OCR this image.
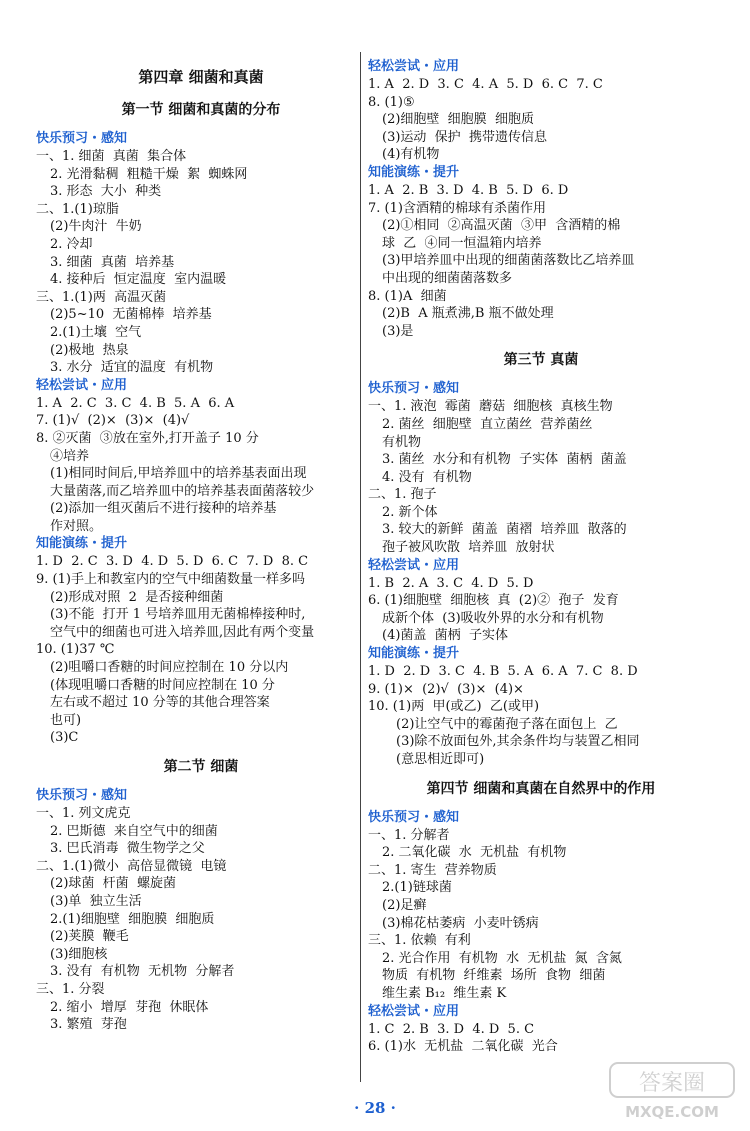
第四章 细菌和真菌
第一节 细菌和真菌的分布
快乐预习・感知
一、1. 细菌  真菌  集合体
2. 光滑黏稠  粗糙干燥  絮  蜘蛛网
3. 形态  大小  种类
二、1.(1)琼脂
(2)牛肉汁  牛奶
2. 冷却
3. 细菌  真菌  培养基
4. 接种后  恒定温度  室内温暖
三、1.(1)两  高温灭菌
(2)5~10  无菌棉棒  培养基
2.(1)土壤  空气
(2)极地  热泉
3. 水分  适宜的温度  有机物
轻松尝试・应用
1. A  2. C  3. C  4. B  5. A  6. A
7. (1)√  (2)×  (3)×  (4)√
8. ②灭菌  ③放在室外,打开盖子 10 分
④培养
(1)相同时间后,甲培养皿中的培养基表面出现
大量菌落,而乙培养皿中的培养基表面菌落较少
(2)添加一组灭菌后不进行接种的培养基
作对照。
知能演练・提升
1. D  2. C  3. D  4. D  5. D  6. C  7. D  8. C
9. (1)手上和教室内的空气中细菌数量一样多吗
(2)形成对照  2  是否接种细菌
(3)不能  打开 1 号培养皿用无菌棉棒接种时,
空气中的细菌也可进入培养皿,因此有两个变量
10. (1)37 ℃
(2)咀嚼口香糖的时间应控制在 10 分以内
(体现咀嚼口香糖的时间应控制在 10 分
左右或不超过 10 分等的其他合理答案
也可)
(3)C
第二节 细菌
快乐预习・感知
一、1. 列文虎克
2. 巴斯德  来自空气中的细菌
3. 巴氏消毒  微生物学之父
二、1.(1)微小  高倍显微镜  电镜
(2)球菌  杆菌  螺旋菌
(3)单  独立生活
2.(1)细胞壁  细胞膜  细胞质
(2)荚膜  鞭毛
(3)细胞核
3. 没有  有机物  无机物  分解者
三、1. 分裂
2. 缩小  增厚  芽孢  休眠体
3. 繁殖  芽孢
轻松尝试・应用
1. A  2. D  3. C  4. A  5. D  6. C  7. C
8. (1)⑤
(2)细胞壁  细胞膜  细胞质
(3)运动  保护  携带遗传信息
(4)有机物
知能演练・提升
1. A  2. B  3. D  4. B  5. D  6. D
7. (1)含酒精的棉球有杀菌作用
(2)①相同  ②高温灭菌  ③甲  含酒精的棉
球  乙  ④同一恒温箱内培养
(3)甲培养皿中出现的细菌菌落数比乙培养皿
中出现的细菌菌落数多
8. (1)A  细菌
(2)B  A 瓶煮沸,B 瓶不做处理
(3)是
第三节 真菌
快乐预习・感知
一、1. 液泡  霉菌  蘑菇  细胞核  真核生物
2. 菌丝  细胞壁  直立菌丝  营养菌丝
有机物
3. 菌丝  水分和有机物  子实体  菌柄  菌盖
4. 没有  有机物
二、1. 孢子
2. 新个体
3. 较大的新鲜  菌盖  菌褶  培养皿  散落的
孢子被风吹散  培养皿  放射状
轻松尝试・应用
1. B  2. A  3. C  4. D  5. D
6. (1)细胞壁  细胞核  真  (2)②  孢子  发育
成新个体  (3)吸收外界的水分和有机物
(4)菌盖  菌柄  子实体
知能演练・提升
1. D  2. D  3. C  4. B  5. A  6. A  7. C  8. D
9. (1)×  (2)√  (3)×  (4)×
10. (1)两  甲(或乙)  乙(或甲)
(2)让空气中的霉菌孢子落在面包上  乙
(3)除不放面包外,其余条件均与装置乙相同
(意思相近即可)
第四节 细菌和真菌在自然界中的作用
快乐预习・感知
一、1. 分解者
2. 二氧化碳  水  无机盐  有机物
二、1. 寄生  营养物质
2.(1)链球菌
(2)足癣
(3)棉花枯萎病  小麦叶锈病
三、1. 依赖  有利
2. 光合作用  有机物  水  无机盐  氮  含氮
物质  有机物  纤维素  场所  食物  细菌
维生素 B₁₂  维生素 K
轻松尝试・应用
1. C  2. B  3. D  4. D  5. C
6. (1)水  无机盐  二氧化碳  光合
· 28 ·
答案圈
MXQE.COM
